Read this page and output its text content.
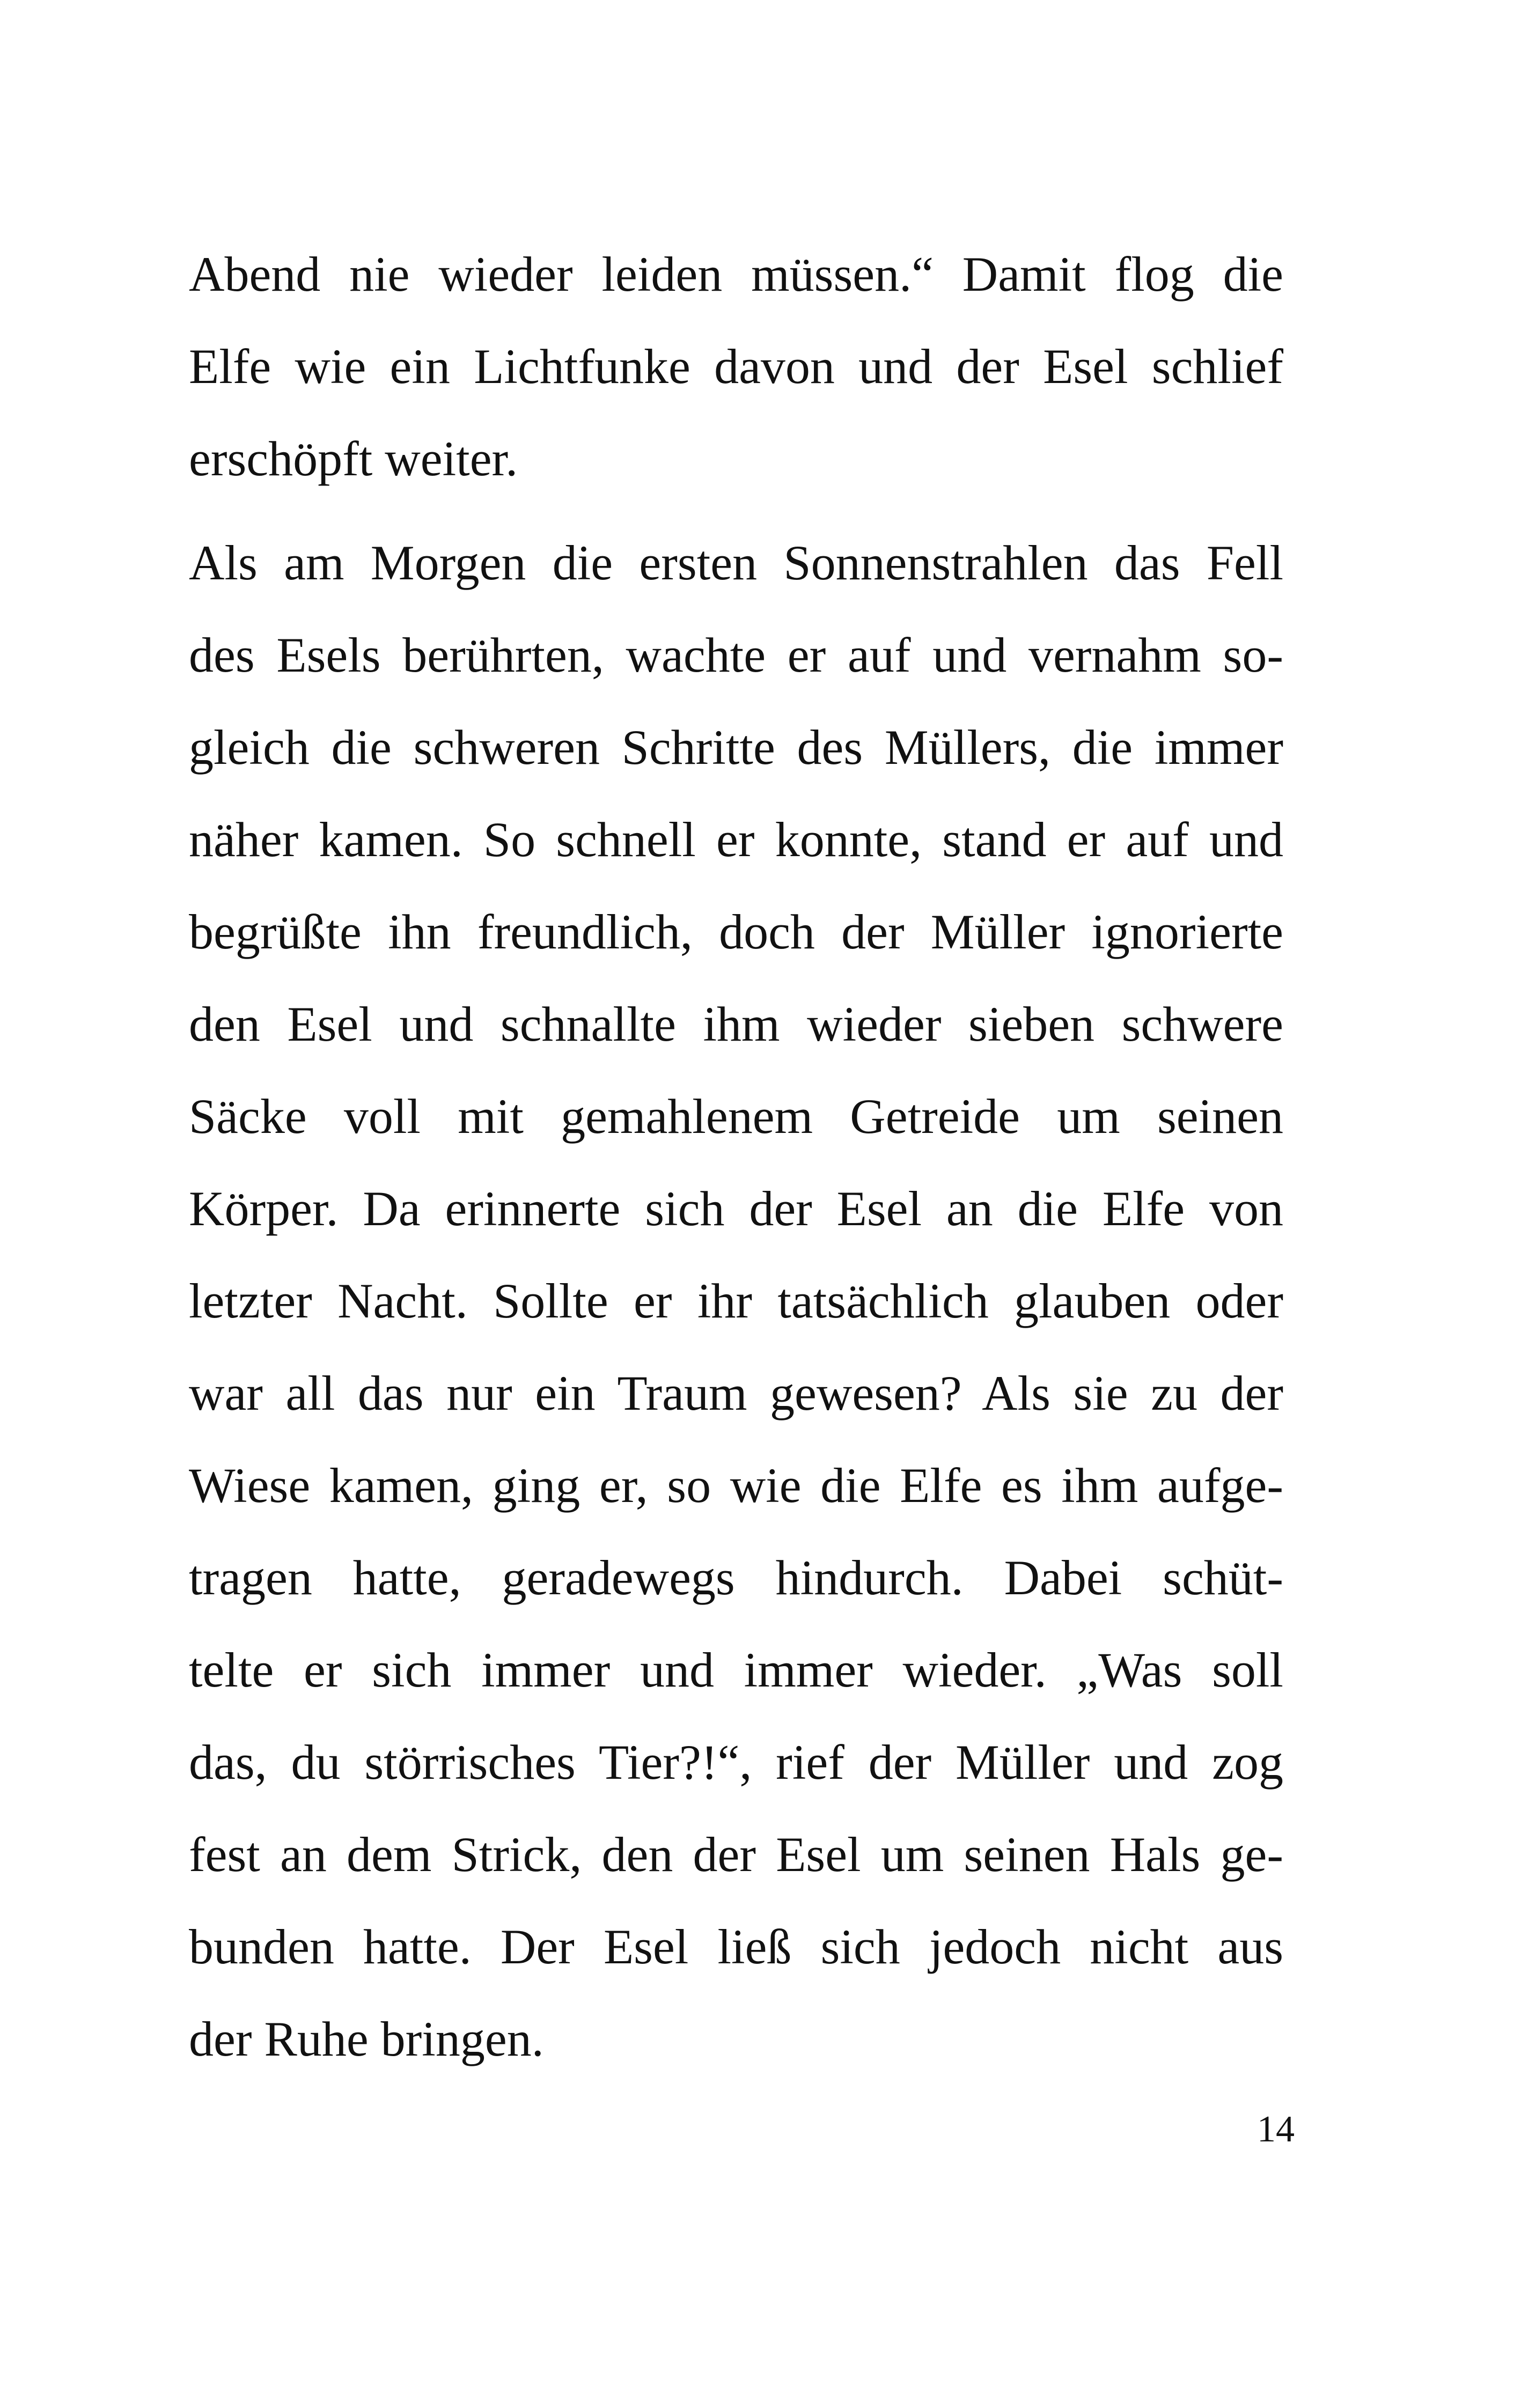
Abend nie wieder leiden müssen.“ Damit flog die
Elfe wie ein Lichtfunke davon und der Esel schlief
erschöpft weiter.
Als am Morgen die ersten Sonnenstrahlen das Fell
des Esels berührten, wachte er auf und vernahm so-
gleich die schweren Schritte des Müllers, die immer
näher kamen. So schnell er konnte, stand er auf und
begrüßte ihn freundlich, doch der Müller ignorierte
den Esel und schnallte ihm wieder sieben schwere
Säcke voll mit gemahlenem Getreide um seinen
Körper. Da erinnerte sich der Esel an die Elfe von
letzter Nacht. Sollte er ihr tatsächlich glauben oder
war all das nur ein Traum gewesen? Als sie zu der
Wiese kamen, ging er, so wie die Elfe es ihm aufge-
tragen hatte, geradewegs hindurch. Dabei schüt-
telte er sich immer und immer wieder. „Was soll
das, du störrisches Tier?!“, rief der Müller und zog
fest an dem Strick, den der Esel um seinen Hals ge-
bunden hatte. Der Esel ließ sich jedoch nicht aus
der Ruhe bringen.
14
